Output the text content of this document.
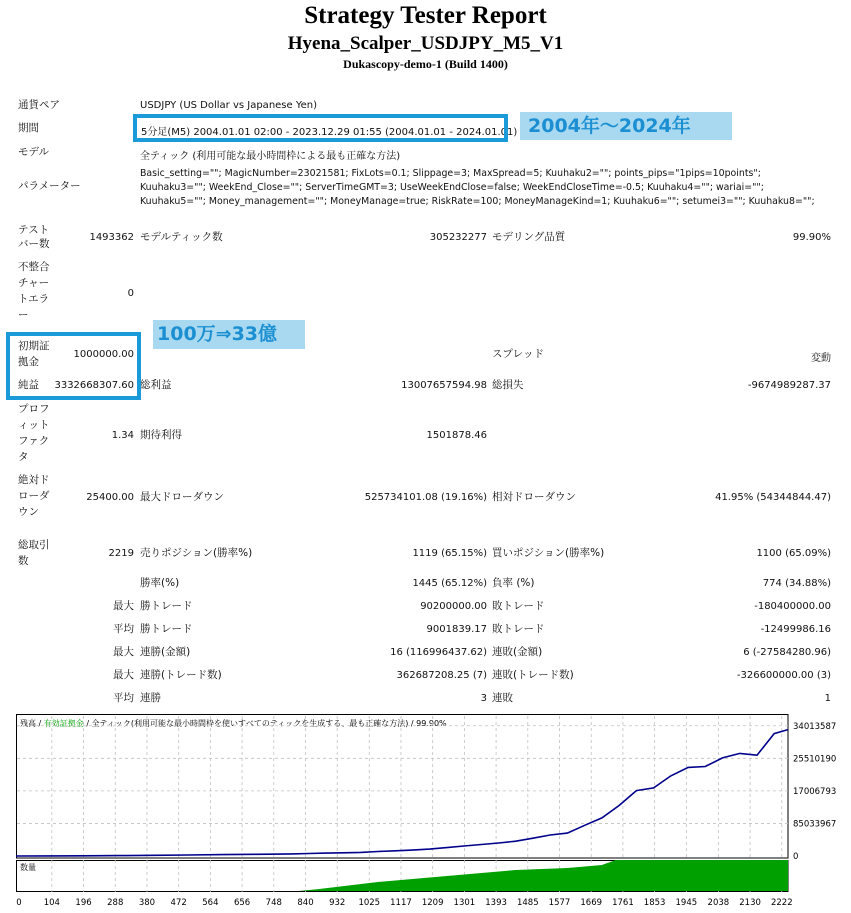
Strategy Tester Report
Hyena_Scalper_USDJPY_M5_V1
Dukascopy-demo-1 (Build 1400)
通貨ペア	USDJPY (US Dollar vs Japanese Yen)
期間	5分足(M5) 2004.01.01 02:00 - 2023.12.29 01:55 (2004.01.01 - 2024.01.01) 2004年〜2024年
モデル	全ティック (利用可能な最小時間枠による最も正確な方法)
パラメーター
Basic_setting=""; MagicNumber=23021581; FixLots=0.1; Slippage=3; MaxSpread=5; Kuuhaku2=""; points_pips="1pips=10points";
Kuuhaku3=""; WeekEnd_Close=""; ServerTimeGMT=3; UseWeekEndClose=false; WeekEndCloseTime=-0.5; Kuuhaku4=""; wariai="";
Kuuhaku5=""; Money_management=""; MoneyManage=true; RiskRate=100; MoneyManageKind=1; Kuuhaku6=""; setumei3=""; Kuuhaku8="";
テスト
バー数
1493362 モデルティック数	305232277 モデリング品質	99.90%
不整合
チャー
トエラ
ー
0
初期証
拠金
1000000.00	スプレッド	変動
純益 3332668307.60 総利益	13007657594.98 総損失	-9674989287.37
100万⇒33億
プロフ
ィット
ファク
タ
1.34 期待利得	1501878.46
絶対ド
ローダ
ウン
25400.00 最大ドローダウン	525734101.08 (19.16%) 相対ドローダウン	41.95% (54344844.47)
総取引
数
2219 売りポジション(勝率%)	1119 (65.15%) 買いポジション(勝率%)	1100 (65.09%)
勝率(%)	1445 (65.12%) 負率 (%)	774 (34.88%)
最大 勝トレード	90200000.00 敗トレード	-180400000.00
平均 勝トレード	9001839.17 敗トレード	-12499986.16
最大 連勝(金額)	16 (116996437.62) 連敗(金額)	6 (-27584280.96)
最大 連勝(トレード数)	362687208.25 (7) 連敗(トレード数)	-326600000.00 (3)
平均 連勝	3 連敗	1
残高 / 有効証拠金 / 全ティック(利用可能な最小時間枠を使いすべてのティックを生成する、最も正確な方法) / 99.90%	34013587
25510190
17006793
8503396​7
0
0	104 196 288 380 472 564 656 748 840 932 1025 1117 1209 1301 1393 1485 1577 1669 1761 1853 1945 2038 2130 2222
数量
